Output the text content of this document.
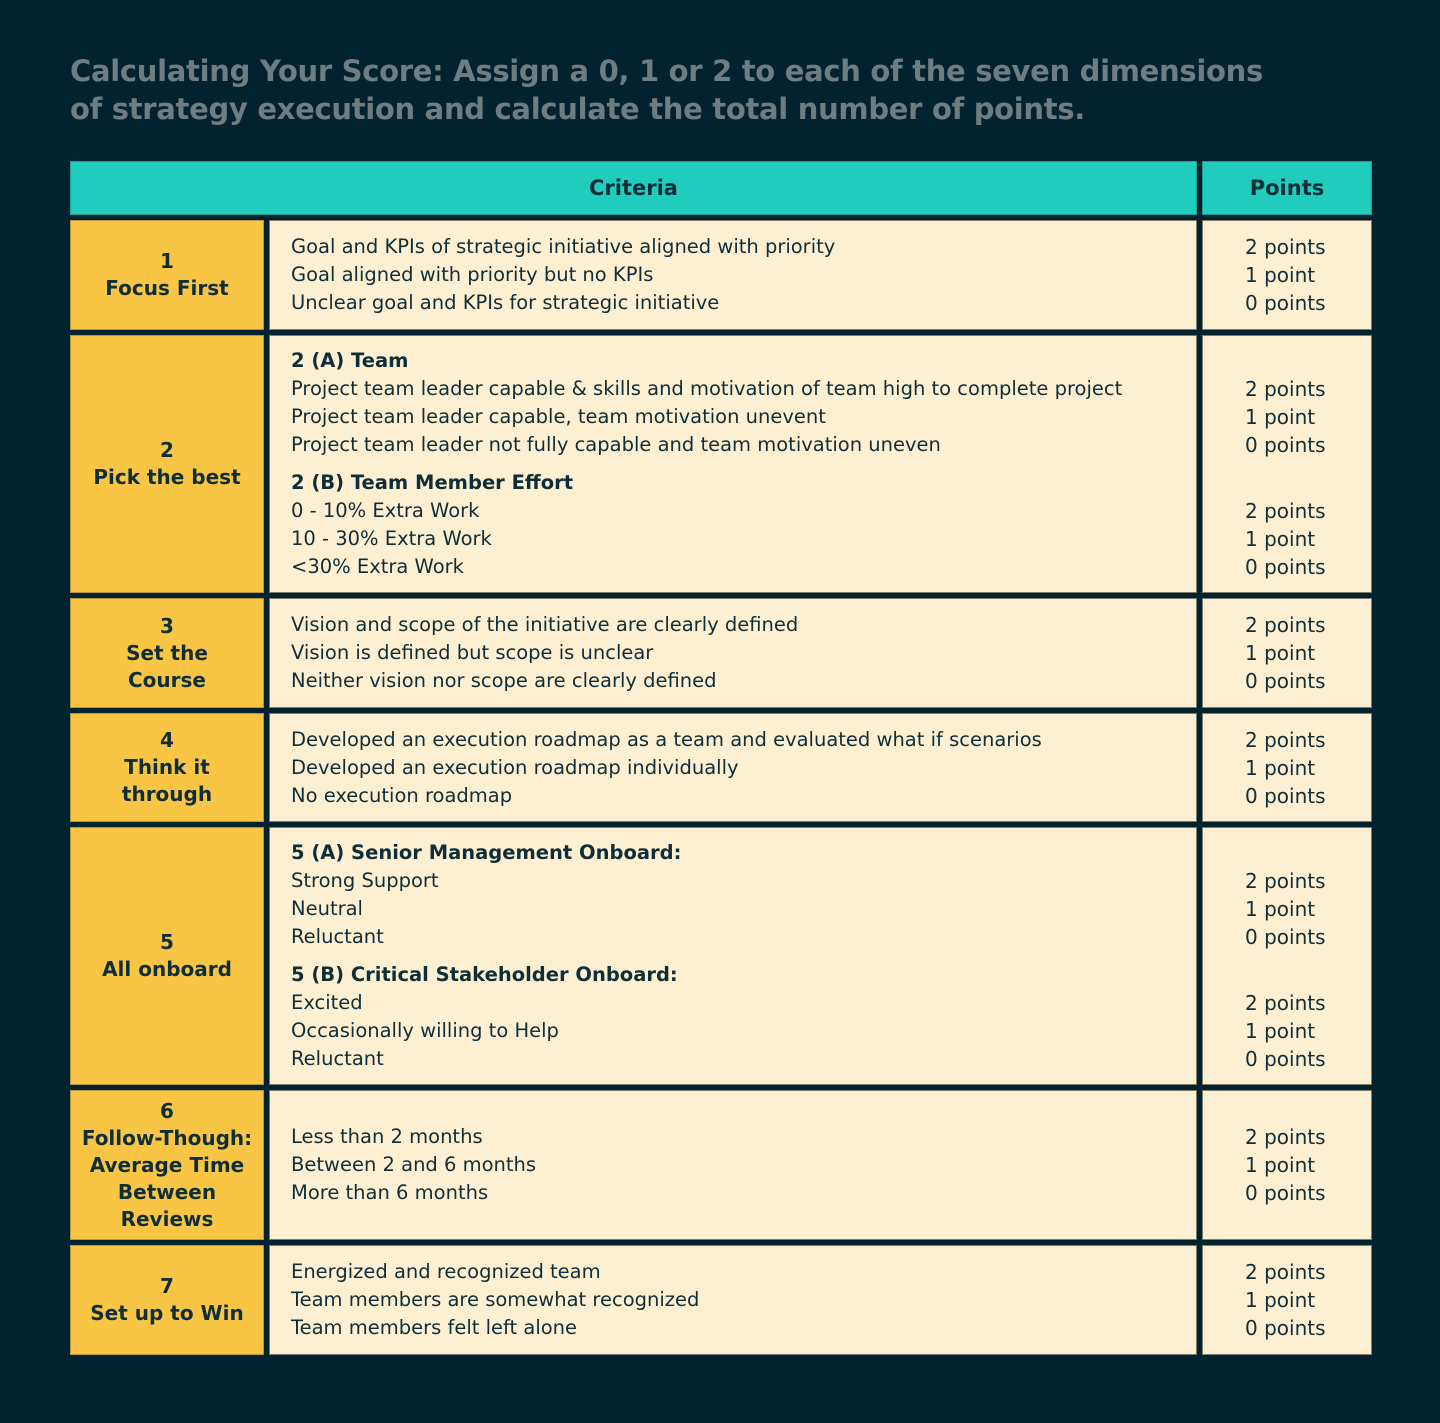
Calculating Your Score: Assign a 0, 1 or 2 to each of the seven dimensions
of strategy execution and calculate the total number of points.
Criteria	Points
1
Focus First
Goal and KPIs of strategic initiative aligned with priority
Goal aligned with priority but no KPIs
Unclear goal and KPIs for strategic initiative
2 points
1 point
0 points
2
Pick the best
2 (A) Team
Project team leader capable & skills and motivation of team high to complete project
Project team leader capable, team motivation unevent
Project team leader not fully capable and team motivation uneven
2 (B) Team Member Effort
0 - 10% Extra Work
10 - 30% Extra Work
<30% Extra Work

2 points
1 point
0 points

2 points
1 point
0 points
3
Set the
Course
Vision and scope of the initiative are clearly defined
Vision is defined but scope is unclear
Neither vision nor scope are clearly defined
2 points
1 point
0 points
4
Think it
through
Developed an execution roadmap as a team and evaluated what if scenarios
Developed an execution roadmap individually
No execution roadmap
2 points
1 point
0 points
5
All onboard
5 (A) Senior Management Onboard:
Strong Support
Neutral
Reluctant
5 (B) Critical Stakeholder Onboard:
Excited
Occasionally willing to Help
Reluctant

2 points
1 point
0 points

2 points
1 point
0 points
6
Follow-Though:
Average Time
Between
Reviews
Less than 2 months
Between 2 and 6 months
More than 6 months
2 points
1 point
0 points
7
Set up to Win
Energized and recognized team
Team members are somewhat recognized
Team members felt left alone
2 points
1 point
0 points
